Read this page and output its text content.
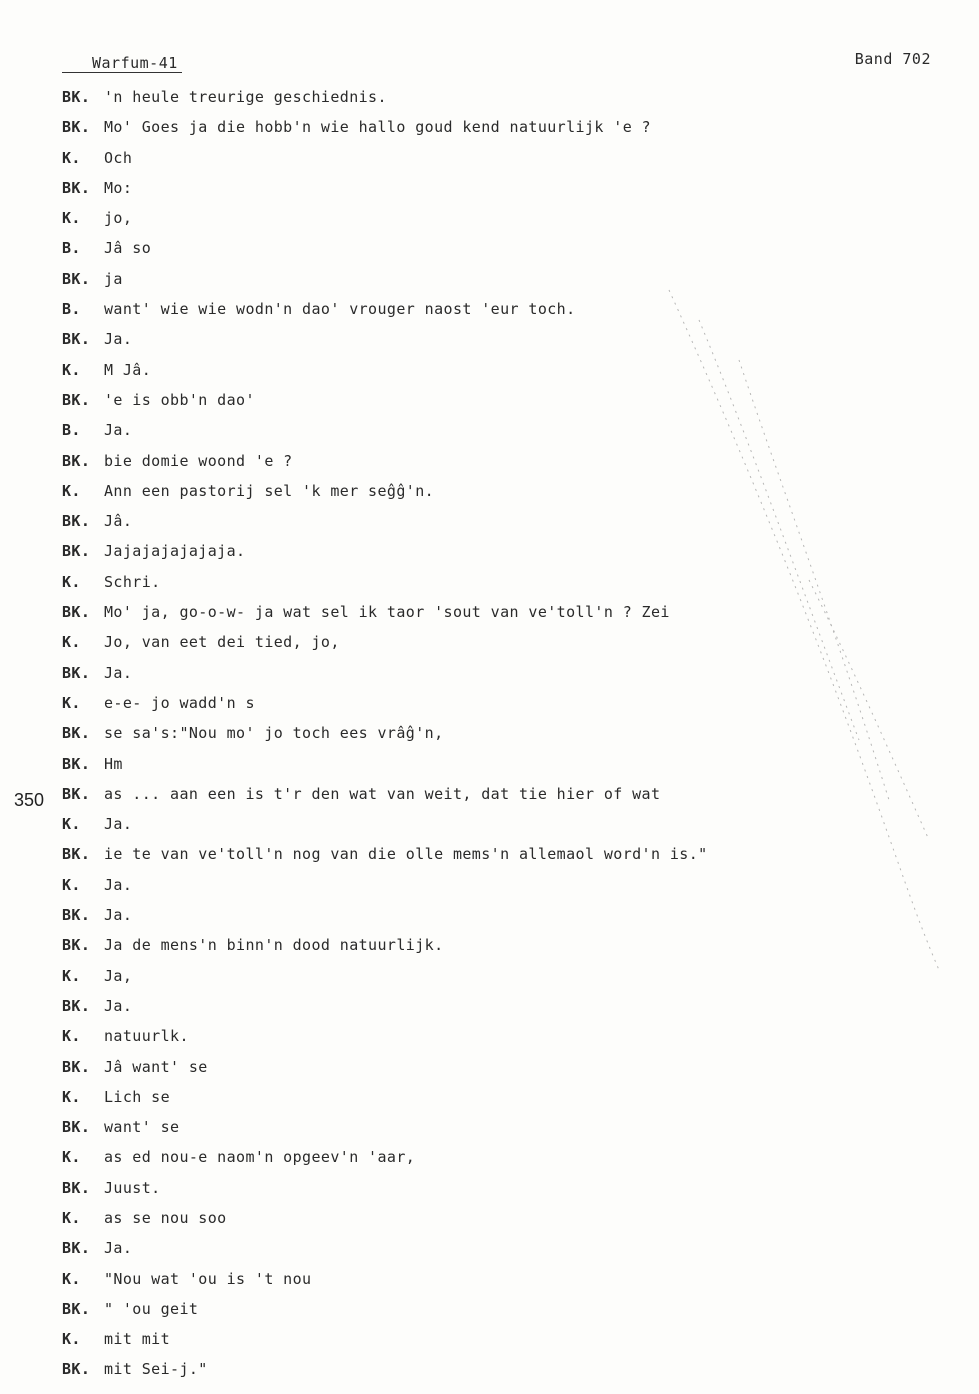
Warfum-41	Band 702
350
BK. 'n heule treurige geschiednis.
BK. Mo' Goes ja die hobb'n wie hallo goud kend natuurlijk 'e ?
K. Och
BK. Mo:
K. jo,
B. Jâ so
BK. ja
B. want' wie wie wodn'n dao' vrouger naost 'eur toch.
BK. Ja.
K. M Jâ.
BK. 'e is obb'n dao'
B. Ja.
BK. bie domie woond 'e ?
K. Ann een pastorij sel 'k mer seĝĝ'n.
BK. Jâ.
BK. Jajajajajajaja.
K. Schri.
BK. Mo' ja, go-o-w- ja wat sel ik taor 'sout van ve'toll'n ? Zei
K. Jo, van eet dei tied, jo,
BK. Ja.
K. e-e- jo wadd'n s
BK. se sa's:"Nou mo' jo toch ees vrâĝ'n,
BK. Hm
BK. as ... aan een is t'r den wat van weit, dat tie hier of wat
K. Ja.
BK. ie te van ve'toll'n nog van die olle mems'n allemaol word'n is."
K. Ja.
BK. Ja.
BK. Ja de mens'n binn'n dood natuurlijk.
K. Ja,
BK. Ja.
K. natuurlk.
BK. Jâ want' se
K. Lich se
BK. want' se
K. as ed nou-e naom'n opgeev'n 'aar,
BK. Juust.
K. as se nou soo
BK. Ja.
K. "Nou wat 'ou is 't nou
BK. " 'ou geit
K. mit mit
BK. mit Sei-j."
